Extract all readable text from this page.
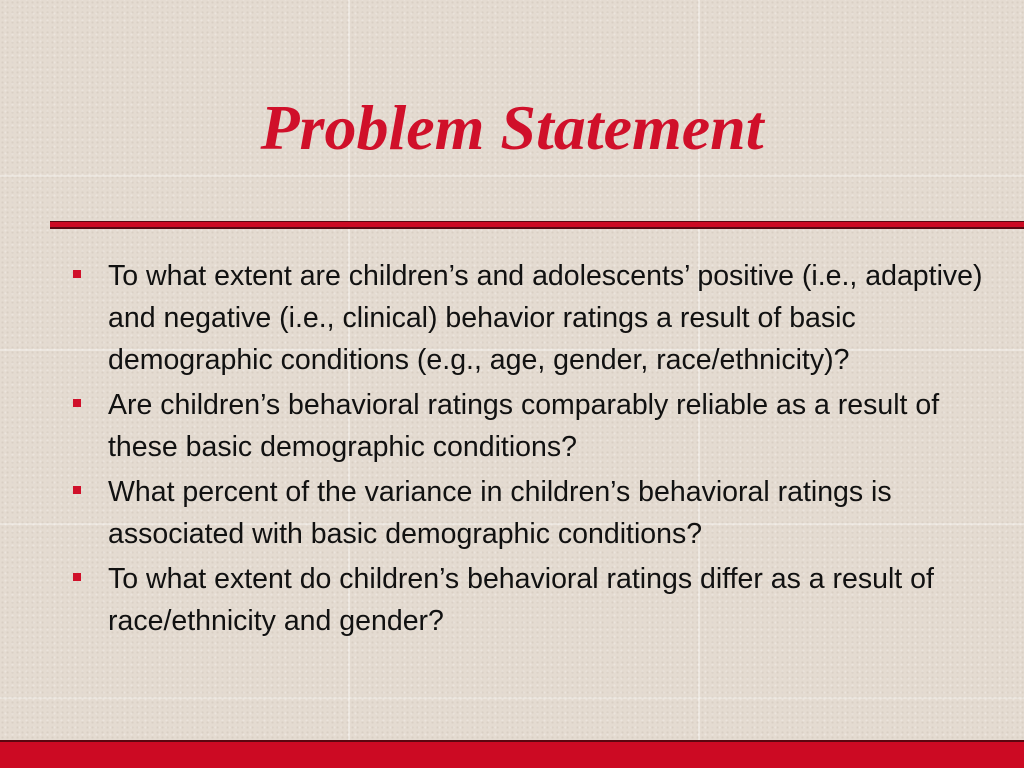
Problem Statement
To what extent are children’s and adolescents’ positive (i.e., adaptive) and negative (i.e., clinical) behavior ratings a result of basic demographic conditions (e.g., age, gender, race/ethnicity)?
Are children’s behavioral ratings comparably reliable as a result of these basic demographic conditions?
What percent of the variance in children’s behavioral ratings is associated with basic demographic conditions?
To what extent do children’s behavioral ratings differ as a result of race/ethnicity and gender?
